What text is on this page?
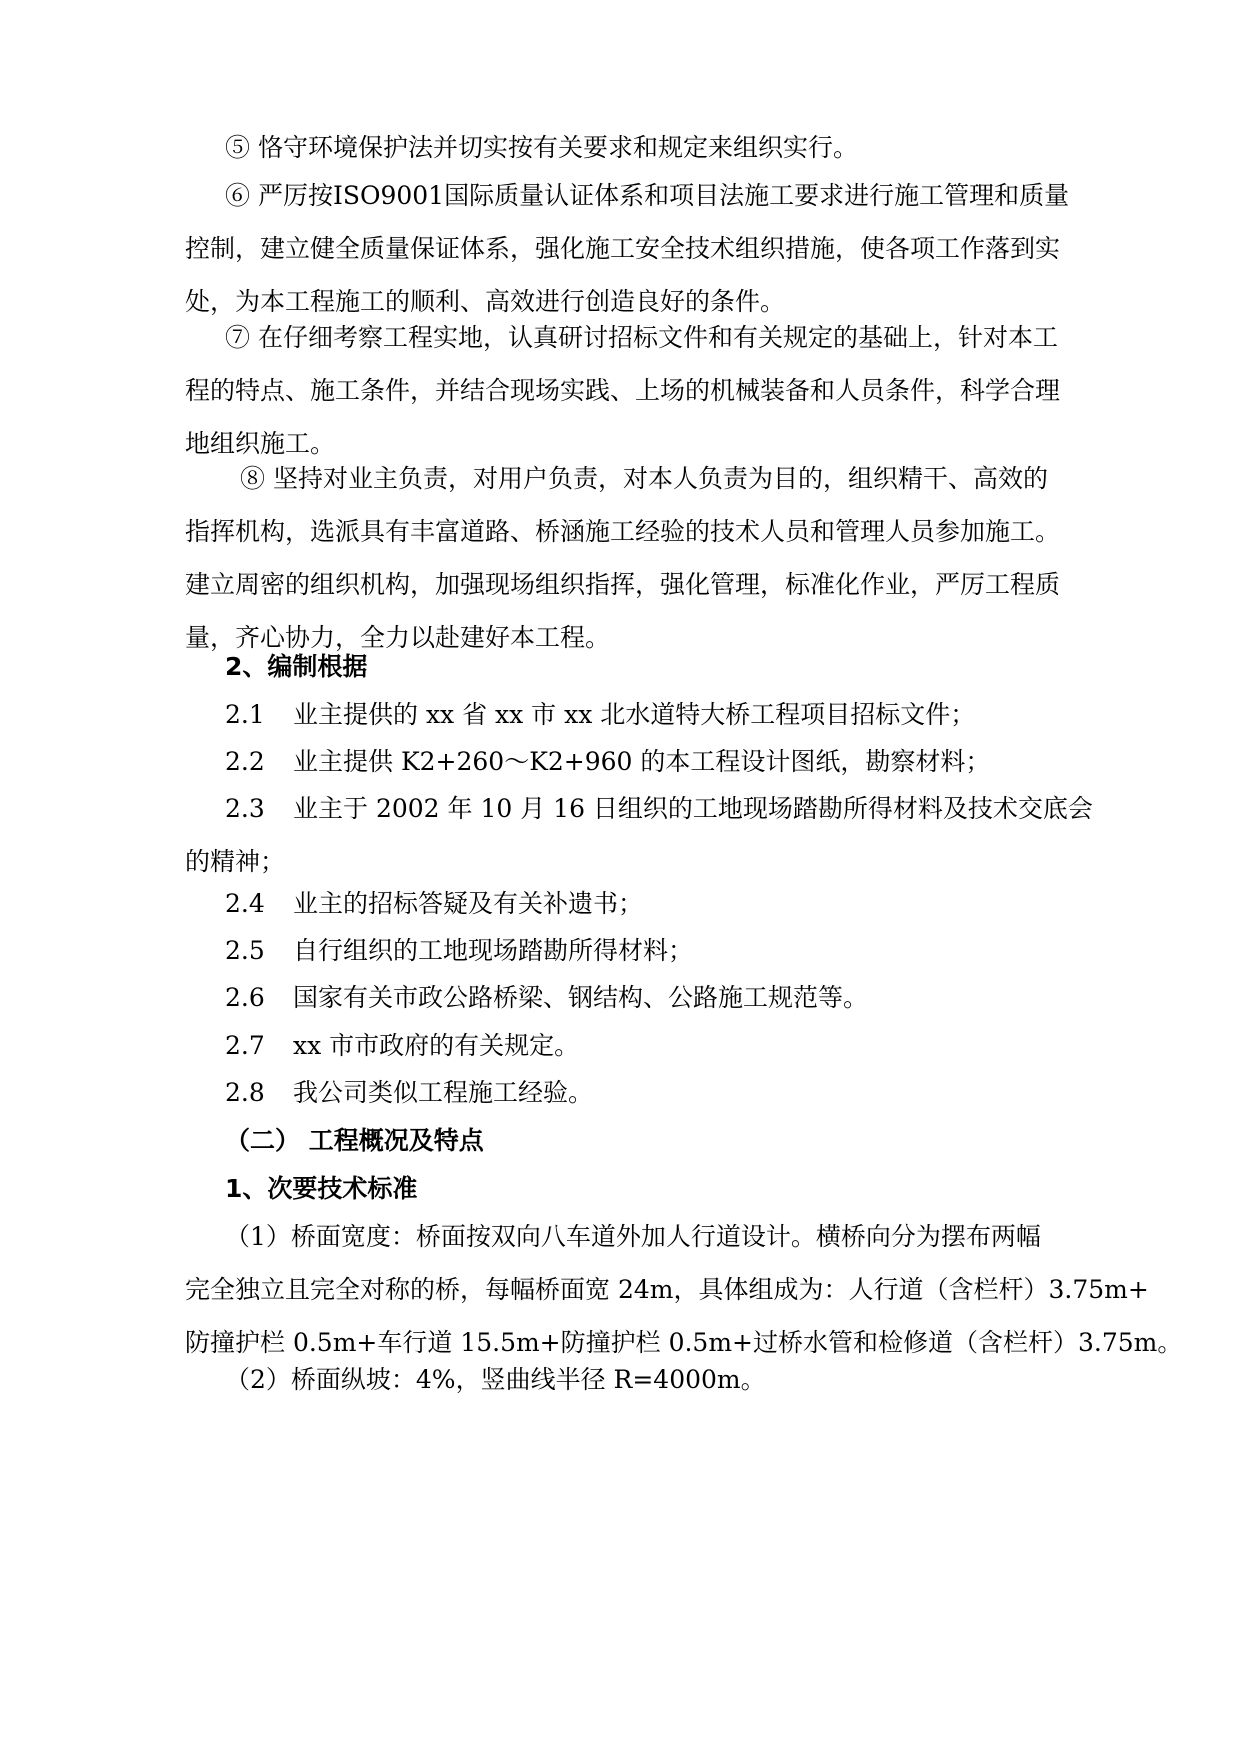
⑤ 恪守环境保护法并切实按有关要求和规定来组织实行。
⑥ 严厉按ISO9001国际质量认证体系和项目法施工要求进行施工管理和质量
控制，建立健全质量保证体系，强化施工安全技术组织措施，使各项工作落到实
处，为本工程施工的顺利、高效进行创造良好的条件。
⑦ 在仔细考察工程实地，认真研讨招标文件和有关规定的基础上，针对本工
程的特点、施工条件，并结合现场实践、上场的机械装备和人员条件，科学合理
地组织施工。
⑧ 坚持对业主负责，对用户负责，对本人负责为目的，组织精干、高效的
指挥机构，选派具有丰富道路、桥涵施工经验的技术人员和管理人员参加施工。
建立周密的组织机构，加强现场组织指挥，强化管理，标准化作业，严厉工程质
量，齐心协力，全力以赴建好本工程。
2、编制根据
2.1 业主提供的 xx 省 xx 市 xx 北水道特大桥工程项目招标文件；
2.2 业主提供 K2+260～K2+960 的本工程设计图纸，勘察材料；
2.3 业主于 2002 年 10 月 16 日组织的工地现场踏勘所得材料及技术交底会
的精神；
2.4 业主的招标答疑及有关补遗书；
2.5 自行组织的工地现场踏勘所得材料；
2.6 国家有关市政公路桥梁、钢结构、公路施工规范等。
2.7 xx 市市政府的有关规定。
2.8 我公司类似工程施工经验。
（二） 工程概况及特点
1、次要技术标准
（1）桥面宽度：桥面按双向八车道外加人行道设计。横桥向分为摆布两幅
完全独立且完全对称的桥，每幅桥面宽 24m，具体组成为：人行道（含栏杆）3.75m+
防撞护栏 0.5m+车行道 15.5m+防撞护栏 0.5m+过桥水管和检修道（含栏杆）3.75m。
（2）桥面纵坡：4%，竖曲线半径 R=4000m。
